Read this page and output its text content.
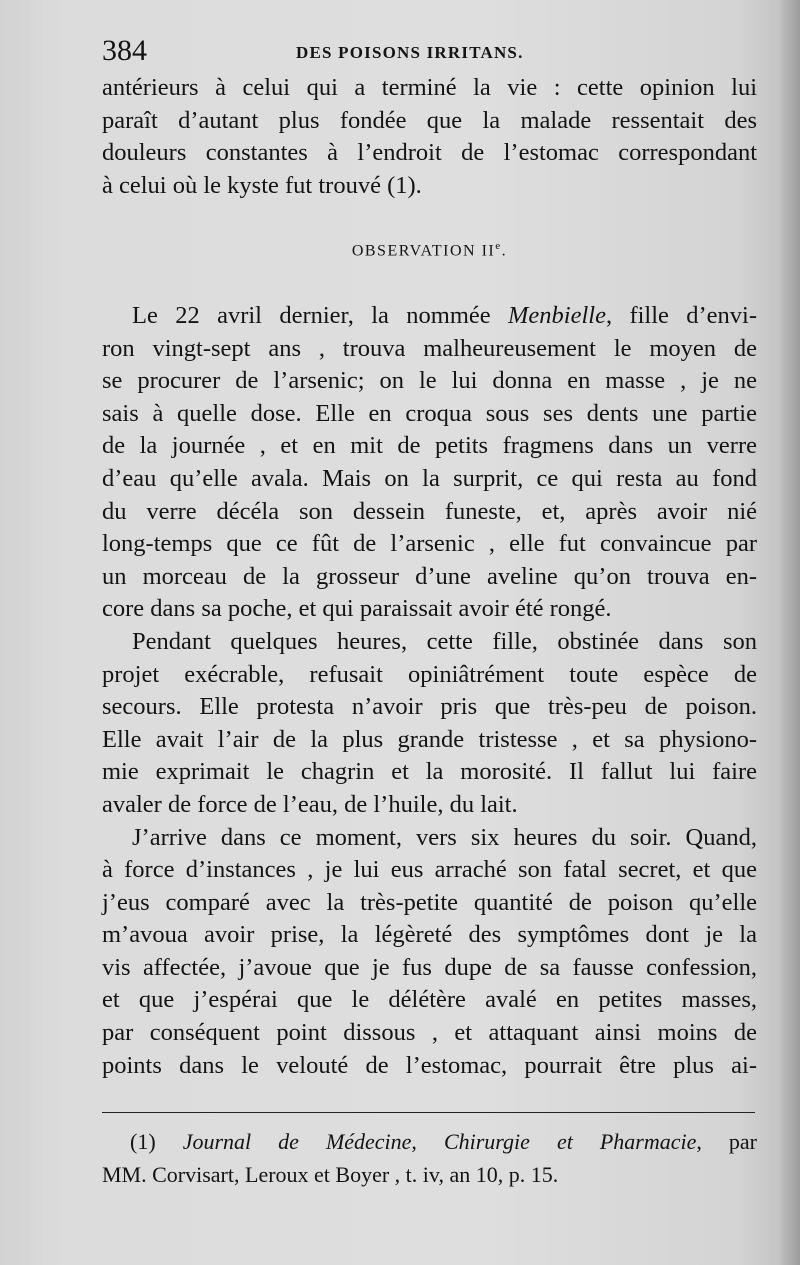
384	DES POISONS IRRITANS.
antérieurs à celui qui a terminé la vie : cette opinion lui
paraît d’autant plus fondée que la malade ressentait des
douleurs constantes à l’endroit de l’estomac correspondant
à celui où le kyste fut trouvé (1).
OBSERVATION IIe.
Le 22 avril dernier, la nommée Menbielle, fille d’envi-
ron vingt-sept ans , trouva malheureusement le moyen de
se procurer de l’arsenic; on le lui donna en masse , je ne
sais à quelle dose. Elle en croqua sous ses dents une partie
de la journée , et en mit de petits fragmens dans un verre
d’eau qu’elle avala. Mais on la surprit, ce qui resta au fond
du verre décéla son dessein funeste, et, après avoir nié
long-temps que ce fût de l’arsenic , elle fut convaincue par
un morceau de la grosseur d’une aveline qu’on trouva en-
core dans sa poche, et qui paraissait avoir été rongé.
Pendant quelques heures, cette fille, obstinée dans son
projet exécrable, refusait opiniâtrément toute espèce de
secours. Elle protesta n’avoir pris que très-peu de poison.
Elle avait l’air de la plus grande tristesse , et sa physiono-
mie exprimait le chagrin et la morosité. Il fallut lui faire
avaler de force de l’eau, de l’huile, du lait.
J’arrive dans ce moment, vers six heures du soir. Quand,
à force d’instances , je lui eus arraché son fatal secret, et que
j’eus comparé avec la très-petite quantité de poison qu’elle
m’avoua avoir prise, la légèreté des symptômes dont je la
vis affectée, j’avoue que je fus dupe de sa fausse confession,
et que j’espérai que le délétère avalé en petites masses,
par conséquent point dissous , et attaquant ainsi moins de
points dans le velouté de l’estomac, pourrait être plus ai-
(1) Journal de Médecine, Chirurgie et Pharmacie, par
MM. Corvisart, Leroux et Boyer , t. iv, an 10, p. 15.
